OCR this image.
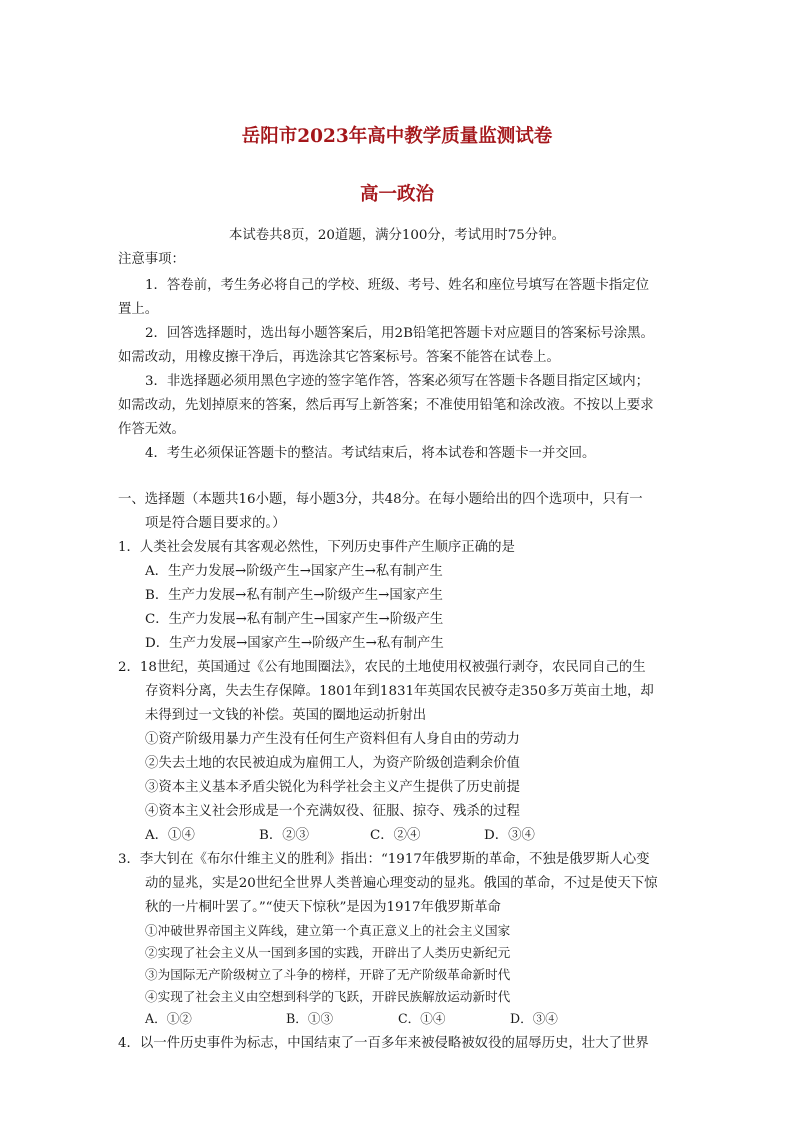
岳阳市2023年高中教学质量监测试卷
高一政治
本试卷共8页，20道题，满分100分，考试用时75分钟。
注意事项：
1．答卷前，考生务必将自己的学校、班级、考号、姓名和座位号填写在答题卡指定位
置上。
2．回答选择题时，选出每小题答案后，用2B铅笔把答题卡对应题目的答案标号涂黑。
如需改动，用橡皮擦干净后，再选涂其它答案标号。答案不能答在试卷上。
3．非选择题必须用黑色字迹的签字笔作答，答案必须写在答题卡各题目指定区域内；
如需改动，先划掉原来的答案，然后再写上新答案；不准使用铅笔和涂改液。不按以上要求
作答无效。
4．考生必须保证答题卡的整洁。考试结束后，将本试卷和答题卡一并交回。
一、选择题（本题共16小题，每小题3分，共48分。在每小题给出的四个选项中，只有一
项是符合题目要求的。）
1．人类社会发展有其客观必然性，下列历史事件产生顺序正确的是
A．生产力发展→阶级产生→国家产生→私有制产生
B．生产力发展→私有制产生→阶级产生→国家产生
C．生产力发展→私有制产生→国家产生→阶级产生
D．生产力发展→国家产生→阶级产生→私有制产生
2．18世纪，英国通过《公有地围圈法》，农民的土地使用权被强行剥夺，农民同自己的生
存资料分离，失去生存保障。1801年到1831年英国农民被夺走350多万英亩土地，却
未得到过一文钱的补偿。英国的圈地运动折射出
①资产阶级用暴力产生没有任何生产资料但有人身自由的劳动力
②失去土地的农民被迫成为雇佣工人，为资产阶级创造剩余价值
③资本主义基本矛盾尖锐化为科学社会主义产生提供了历史前提
④资本主义社会形成是一个充满奴役、征服、掠夺、残杀的过程
A．①④	B．②③	C．②④	D．③④
3．李大钊在《布尔什维主义的胜利》指出：“1917年俄罗斯的革命，不独是俄罗斯人心变
动的显兆，实是20世纪全世界人类普遍心理变动的显兆。俄国的革命，不过是使天下惊
秋的一片桐叶罢了。”“使天下惊秋”是因为1917年俄罗斯革命
①冲破世界帝国主义阵线，建立第一个真正意义上的社会主义国家
②实现了社会主义从一国到多国的实践，开辟出了人类历史新纪元
③为国际无产阶级树立了斗争的榜样，开辟了无产阶级革命新时代
④实现了社会主义由空想到科学的飞跃，开辟民族解放运动新时代
A．①②	B．①③	C．①④	D．③④
4．以一件历史事件为标志，中国结束了一百多年来被侵略被奴役的屈辱历史，壮大了世界
